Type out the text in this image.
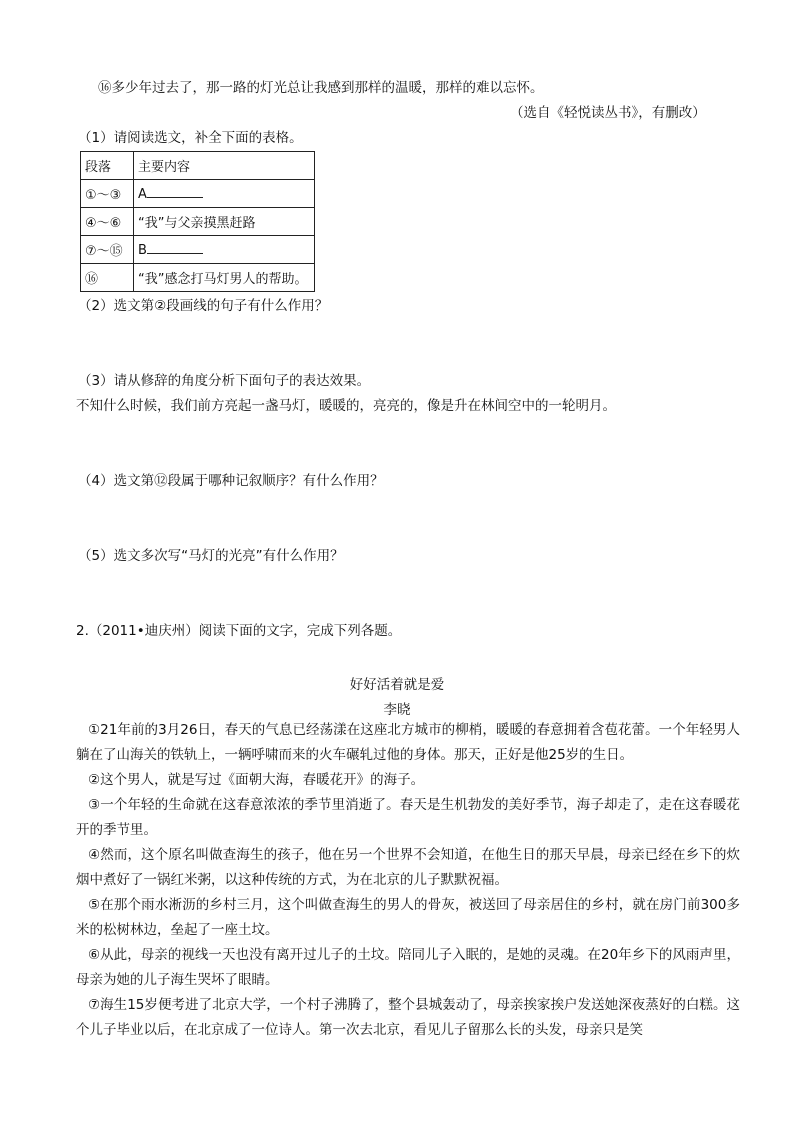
⑯多少年过去了，那一路的灯光总让我感到那样的温暖，那样的难以忘怀。
（选自《轻悦读丛书》，有删改）
（1）请阅读选文，补全下面的表格。
段落	主要内容
①～③	A
④～⑥	“我”与父亲摸黑赶路
⑦～⑮	B
⑯	“我”感念打马灯男人的帮助。
（2）选文第②段画线的句子有什么作用？
（3）请从修辞的角度分析下面句子的表达效果。
不知什么时候，我们前方亮起一盏马灯，暖暖的，亮亮的，像是升在林间空中的一轮明月。
（4）选文第⑫段属于哪种记叙顺序？有什么作用？
（5）选文多次写“马灯的光亮”有什么作用？
2.（2011•迪庆州）阅读下面的文字，完成下列各题。
好好活着就是爱
李晓
①21年前的3月26日，春天的气息已经荡漾在这座北方城市的柳梢，暖暖的春意拥着含苞花蕾。一个年轻男人躺在了山海关的铁轨上，一辆呼啸而来的火车碾轧过他的身体。那天，正好是他25岁的生日。
②这个男人，就是写过《面朝大海，春暖花开》的海子。
③一个年轻的生命就在这春意浓浓的季节里消逝了。春天是生机勃发的美好季节，海子却走了，走在这春暖花开的季节里。
④然而，这个原名叫做查海生的孩子，他在另一个世界不会知道，在他生日的那天早晨，母亲已经在乡下的炊烟中煮好了一锅红米粥，以这种传统的方式，为在北京的儿子默默祝福。
⑤在那个雨水淅沥的乡村三月，这个叫做查海生的男人的骨灰，被送回了母亲居住的乡村，就在房门前300多米的松树林边，垒起了一座土坟。
⑥从此，母亲的视线一天也没有离开过儿子的土坟。陪同儿子入眠的，是她的灵魂。在20年乡下的风雨声里，母亲为她的儿子海生哭坏了眼睛。
⑦海生15岁便考进了北京大学，一个村子沸腾了，整个县城轰动了，母亲挨家挨户发送她深夜蒸好的白糕。这个儿子毕业以后，在北京成了一位诗人。第一次去北京，看见儿子留那么长的头发，母亲只是笑
